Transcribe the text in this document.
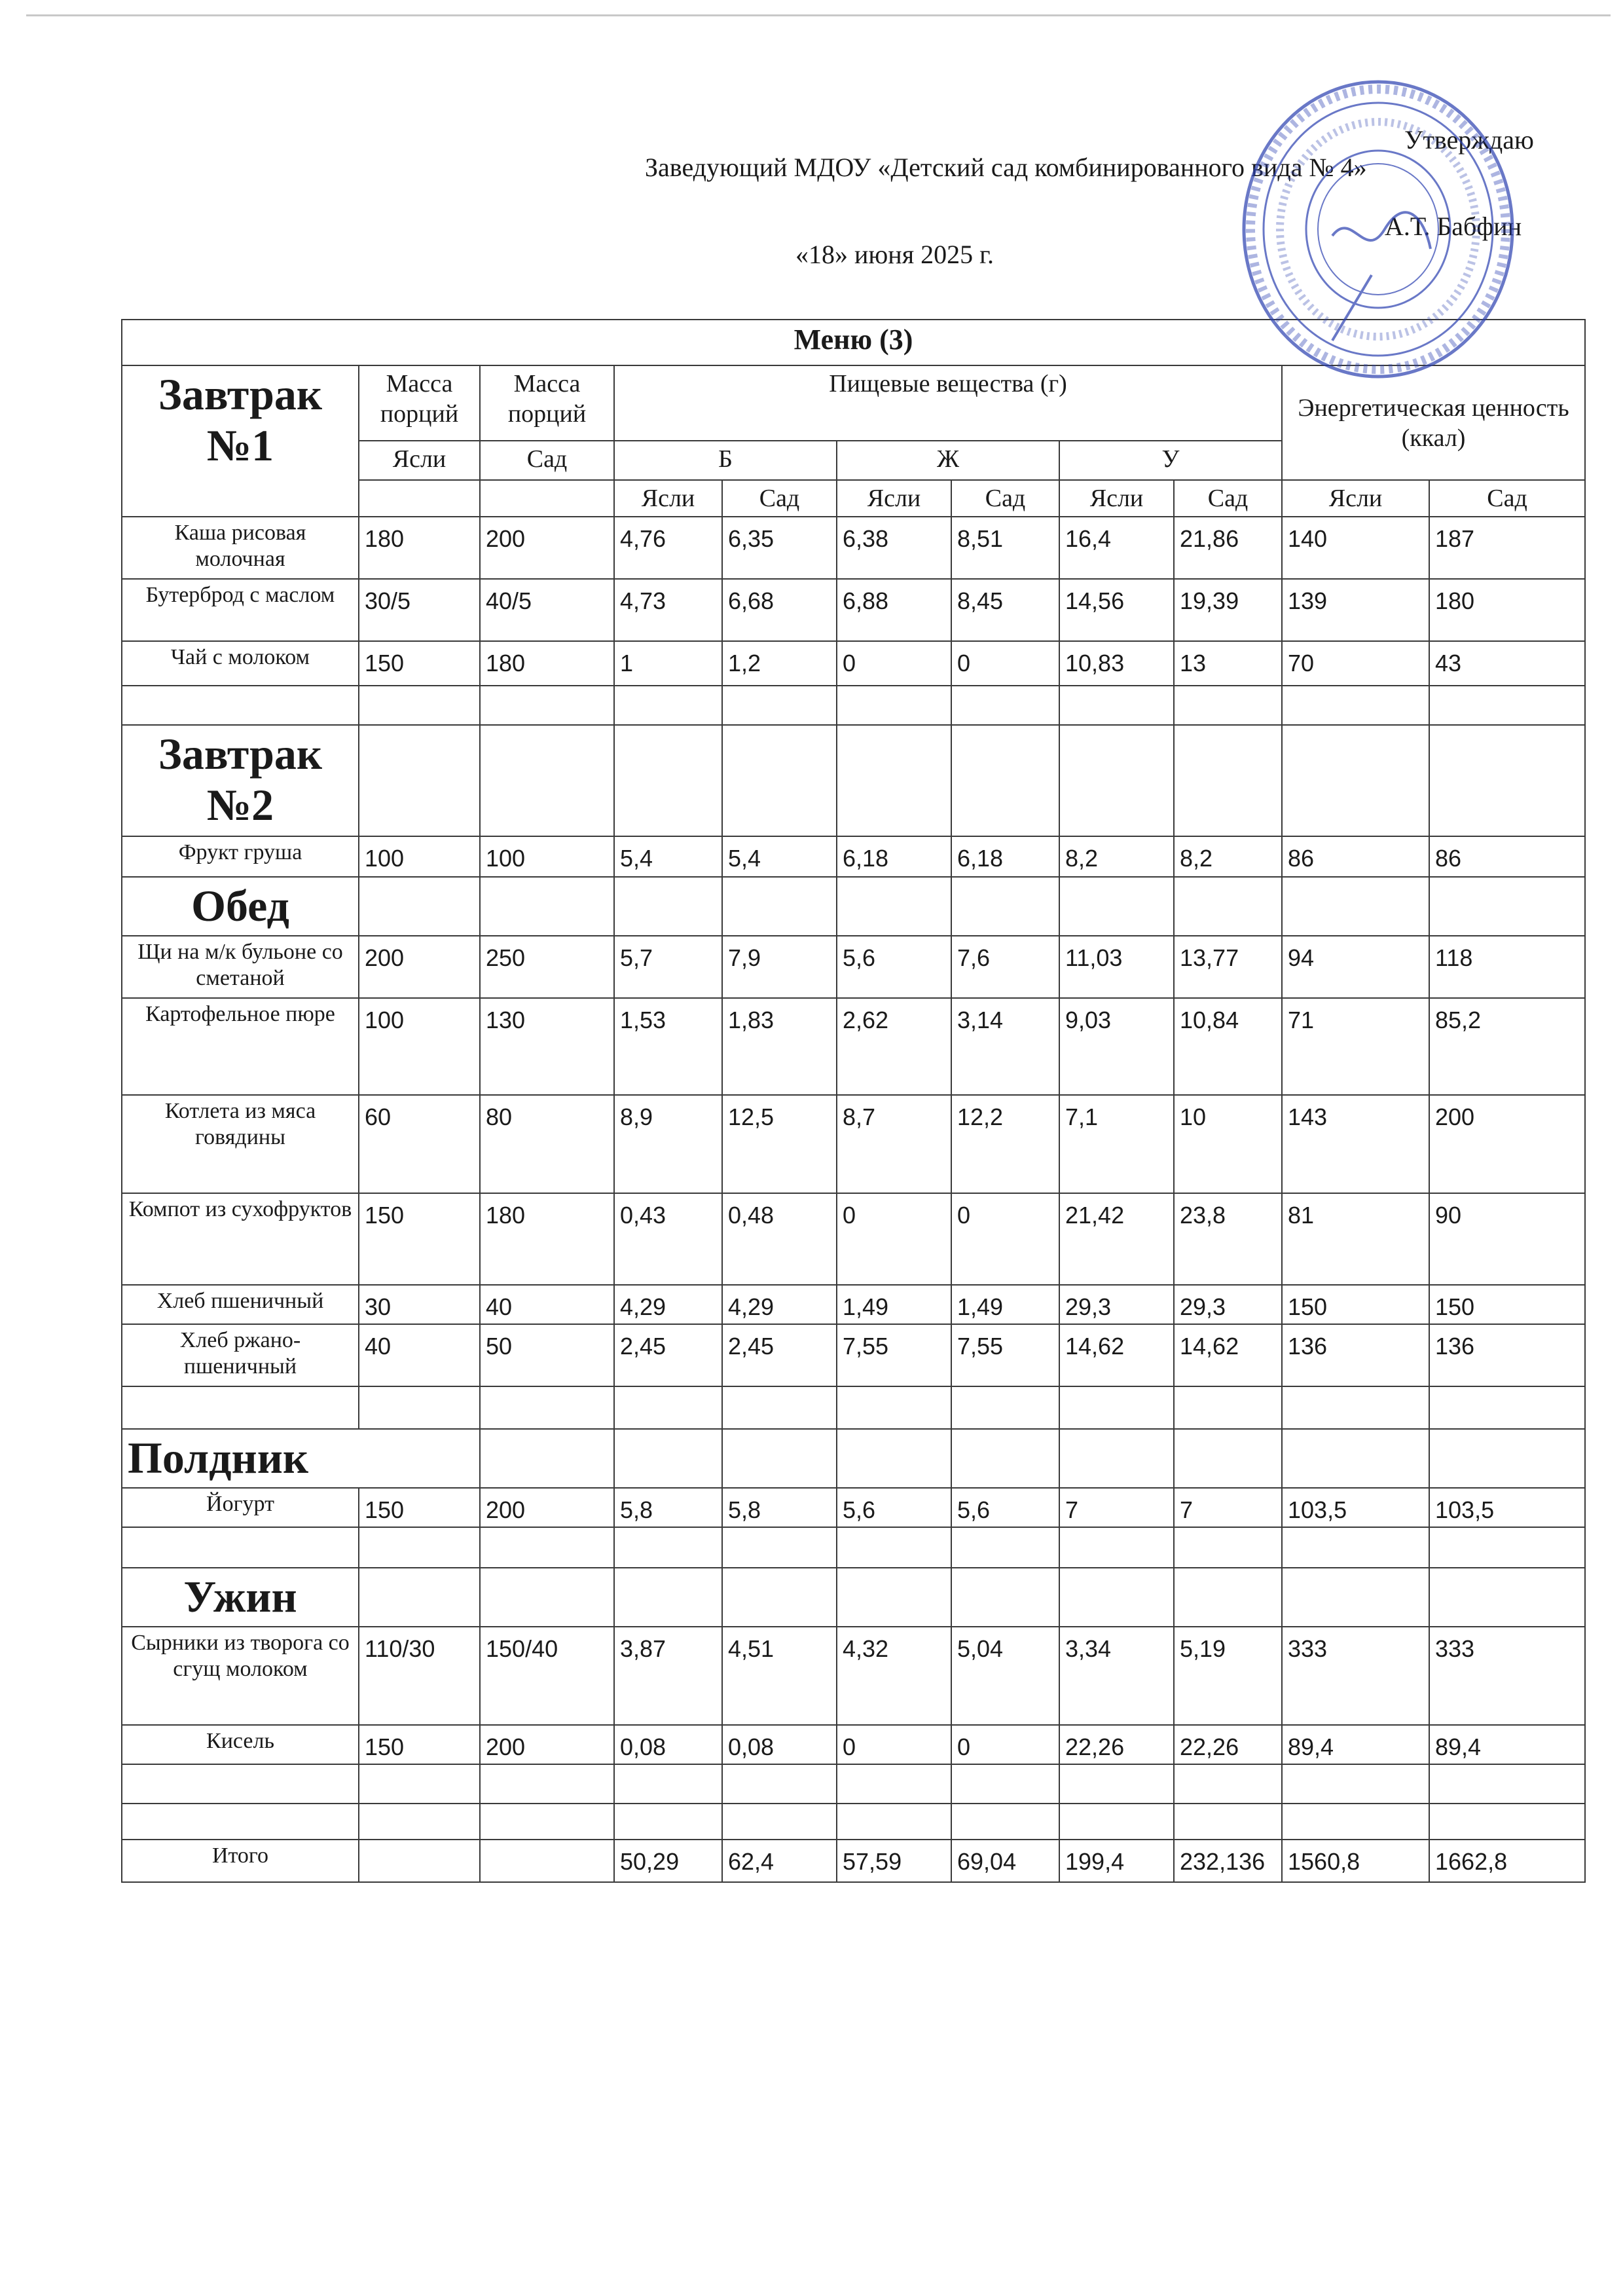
Утверждаю
Заведующий МДОУ «Детский сад комбинированного вида № 4»
А.Т. Бабфин
«18» июня 2025 г.
Меню (3)										
Завтрак №1	Масса порций	Масса порций	Пищевые вещества (г)						Энергетическая ценность (ккал)	
	Ясли	Сад	Б		Ж		У			
			Ясли	Сад	Ясли	Сад	Ясли	Сад	Ясли	Сад
Каша рисовая молочная	180	200	4,76	6,35	6,38	8,51	16,4	21,86	140	187
Бутерброд с маслом	30/5	40/5	4,73	6,68	6,88	8,45	14,56	19,39	139	180
Чай с молоком	150	180	1	1,2	0	0	10,83	13	70	43

Завтрак №2										
Фрукт груша	100	100	5,4	5,4	6,18	6,18	8,2	8,2	86	86
Обед										
Щи на м/к бульоне со сметаной	200	250	5,7	7,9	5,6	7,6	11,03	13,77	94	118
Картофельное пюре	100	130	1,53	1,83	2,62	3,14	9,03	10,84	71	85,2
Котлета из мяса говядины	60	80	8,9	12,5	8,7	12,2	7,1	10	143	200
Компот из сухофруктов	150	180	0,43	0,48	0	0	21,42	23,8	81	90
Хлеб пшеничный	30	40	4,29	4,29	1,49	1,49	29,3	29,3	150	150
Хлеб ржано-пшеничный	40	50	2,45	2,45	7,55	7,55	14,62	14,62	136	136

Полдник										
Йогурт	150	200	5,8	5,8	5,6	5,6	7	7	103,5	103,5

Ужин										
Сырники из творога со сгущ молоком	110/30	150/40	3,87	4,51	4,32	5,04	3,34	5,19	333	333
Кисель	150	200	0,08	0,08	0	0	22,26	22,26	89,4	89,4

Итого			50,29	62,4	57,59	69,04	199,4	232,136	1560,8	1662,8
